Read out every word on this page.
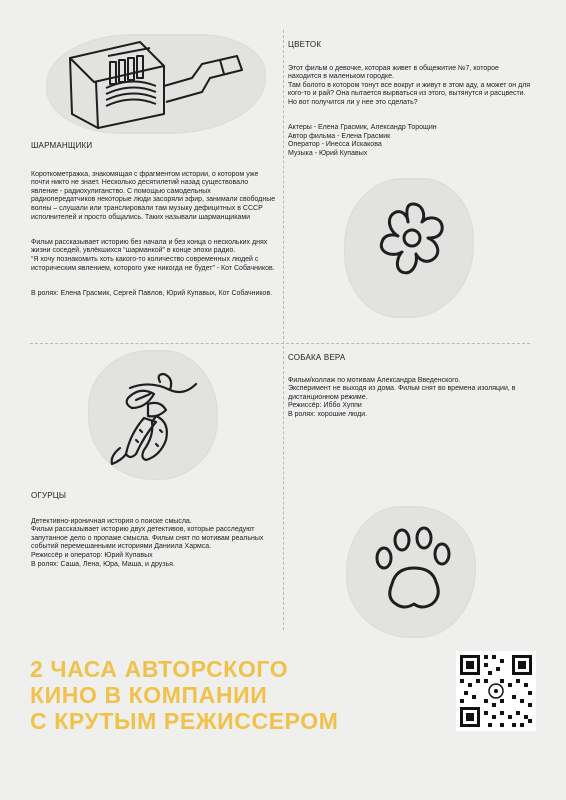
ШАРМАНЩИКИ

Короткометражка, знакомящая с фрагментом истории, о котором уже почти никто не знает. Несколько десятилетий назад существовало явление - радиохулиганство. С помощью самодельных радиопередатчиков некоторые люди засоряли эфир, занимали свободные волны – слушали или транслировали там музыку дефицитных в СССР исполнителей и просто общались. Таких называли шарманщиками

Фильм рассказывает историю без начала и без конца о нескольких днях жизни соседей, увлёкшихся “шарманкой” в конце эпохи радио.
“Я хочу познакомить хоть какого-то количество современных людей с историческим явлением, которого уже никогда не будет” - Кот Собачников.

В ролях: Елена Грасмик, Сергей Павлов, Юрий Купавых, Кот Собачников.

ЦВЕТОК

Этот фильм о девочке, которая живет в общежитие №7, которое находится в маленьком городке.
Там болото в котором тонут все вокруг и живут в этом аду, а может он для кого-то и рай? Она пытается вырваться из этого, вытянутся и расцвести. Но вот получится ли у нее это сделать?

Актеры - Елена Грасмик, Александр Торощин
Автор фильма - Елена Грасмик
Оператор - Инесса Искакова
Музыка - Юрий Купавых

ОГУРЦЫ

Детективно-ироничная история о поиске смысла.
Фильм рассказывает историю двух детективов, которые расследуют запутанное дело о пропаже смысла. Фильм снят по мотивам реальных событий перемешанными историями Даниила Хармса.
Режиссёр и оператор: Юрий Купавых
В ролях: Саша, Лена, Юра, Маша, и друзья.

СОБАКА ВЕРА

Фильм/коллаж по мотивам Александра Введенского.
Эксперимент не выходя из дома. Фильм снят во времена изоляции, в дистанционном режиме.
Режиссёр: Иббо Хуппи
В ролях: хорошие люди.

2 ЧАСА АВТОРСКОГО
КИНО В КОМПАНИИ
С КРУТЫМ РЕЖИССЕРОМ
